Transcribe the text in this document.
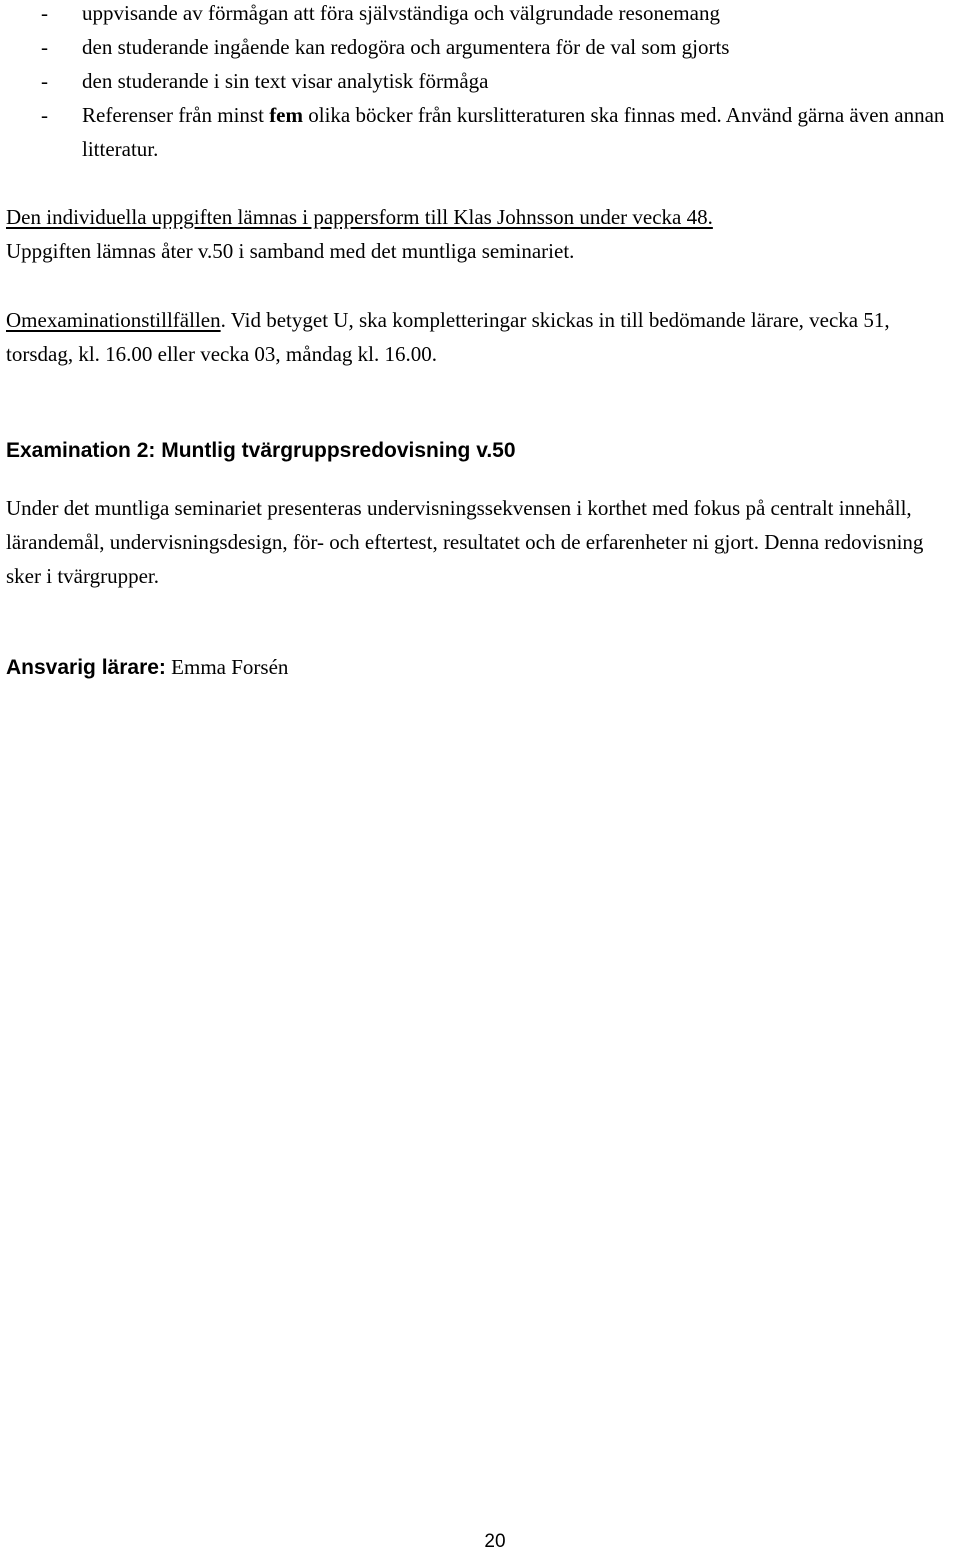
- uppvisande av förmågan att föra självständiga och välgrundade resonemang
- den studerande ingående kan redogöra och argumentera för de val som gjorts
- den studerande i sin text visar analytisk förmåga
- Referenser från minst fem olika böcker från kurslitteraturen ska finnas med. Använd gärna även annan litteratur.

Den individuella uppgiften lämnas i pappersform till Klas Johnsson under vecka 48.
Uppgiften lämnas åter v.50 i samband med det muntliga seminariet.

Omexaminationstillfällen. Vid betyget U, ska kompletteringar skickas in till bedömande lärare, vecka 51, torsdag, kl. 16.00 eller vecka 03, måndag kl. 16.00.

Examination 2: Muntlig tvärgruppsredovisning v.50

Under det muntliga seminariet presenteras undervisningssekvensen i korthet med fokus på centralt innehåll, lärandemål, undervisningsdesign, för- och eftertest, resultatet och de erfarenheter ni gjort. Denna redovisning sker i tvärgrupper.

Ansvarig lärare: Emma Forsén

20
